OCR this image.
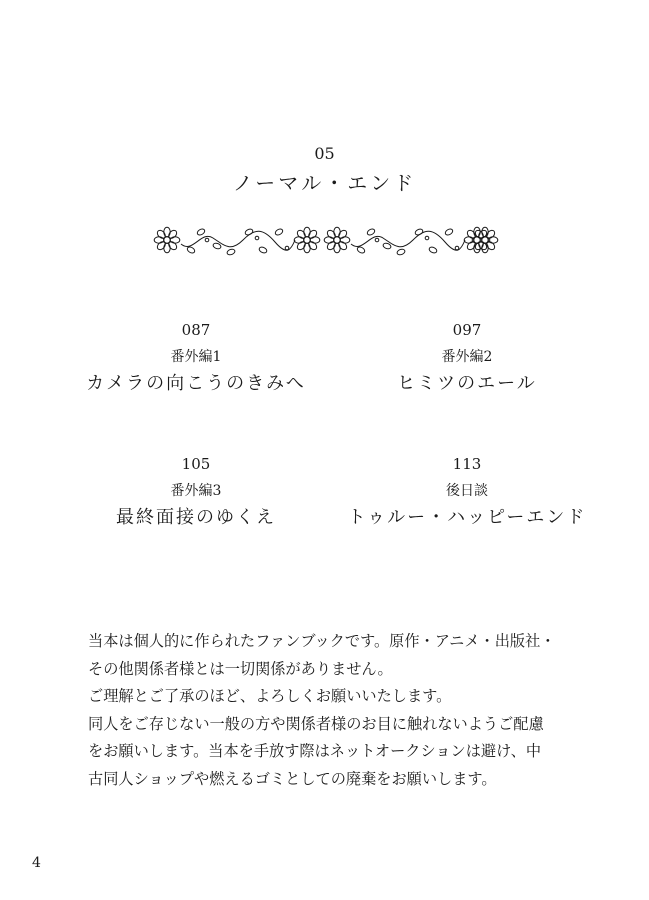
05
ノーマル・エンド
087
番外編1
カメラの向こうのきみへ
097
番外編2
ヒミツのエール
105
番外編3
最終面接のゆくえ
113
後日談
トゥルー・ハッピーエンド

当本は個人的に作られたファンブックです。原作・アニメ・出版社・

その他関係者様とは一切関係がありません。

ご理解とご了承のほど、よろしくお願いいたします。

同人をご存じない一般の方や関係者様のお目に触れないようご配慮

をお願いします。当本を手放す際はネットオークションは避け、中

古同人ショップや燃えるゴミとしての廃棄をお願いします。

4
